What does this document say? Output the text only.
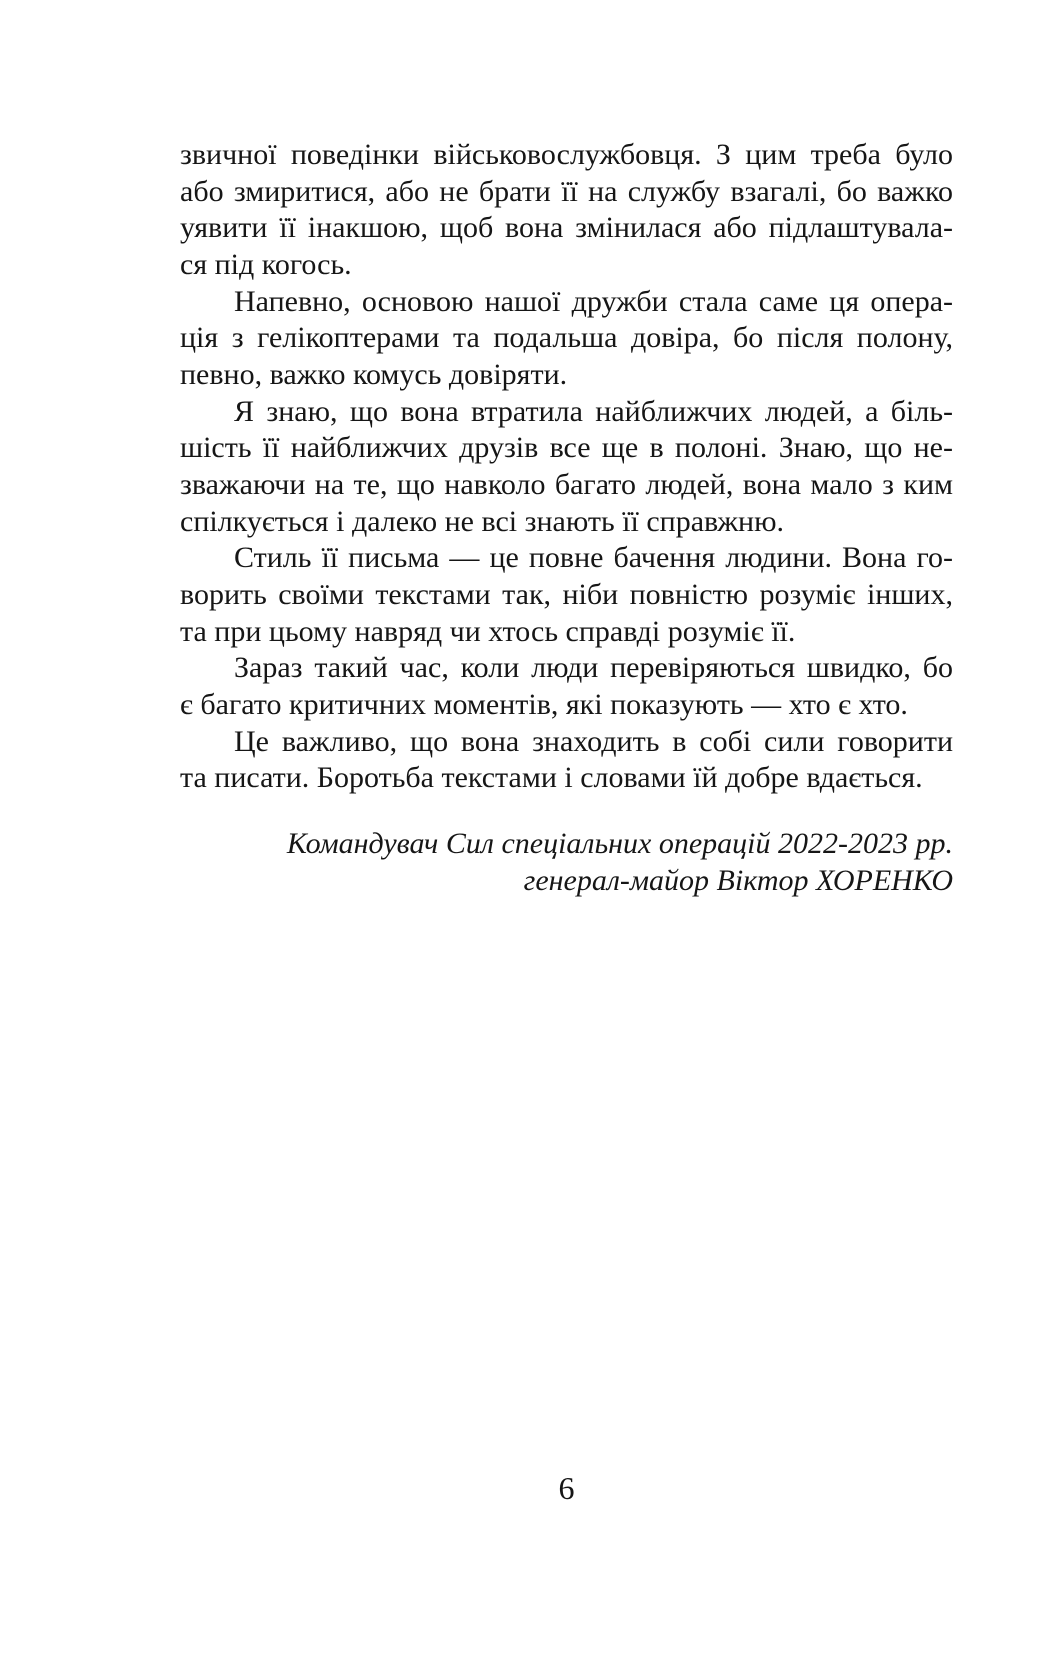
звичної поведінки військовослужбовця. З цим треба було
або змиритися, або не брати її на службу взагалі, бо важко
уявити її інакшою, щоб вона змінилася або підлаштувала-
ся під когось.
Напевно, основою нашої дружби стала саме ця опера-
ція з гелікоптерами та подальша довіра, бо після полону,
певно, важко комусь довіряти.
Я знаю, що вона втратила найближчих людей, а біль-
шість її найближчих друзів все ще в полоні. Знаю, що не-
зважаючи на те, що навколо багато людей, вона мало з ким
спілкується і далеко не всі знають її справжню.
Стиль її письма — це повне бачення людини. Вона го-
ворить своїми текстами так, ніби повністю розуміє інших,
та при цьому навряд чи хтось справді розуміє її.
Зараз такий час, коли люди перевіряються швидко, бо
є багато критичних моментів, які показують — хто є хто.
Це важливо, що вона знаходить в собі сили говорити
та писати. Боротьба текстами і словами їй добре вдається.
Командувач Сил спеціальних операцій 2022-2023 рр.
генерал-майор Віктор ХОРЕНКО
6
